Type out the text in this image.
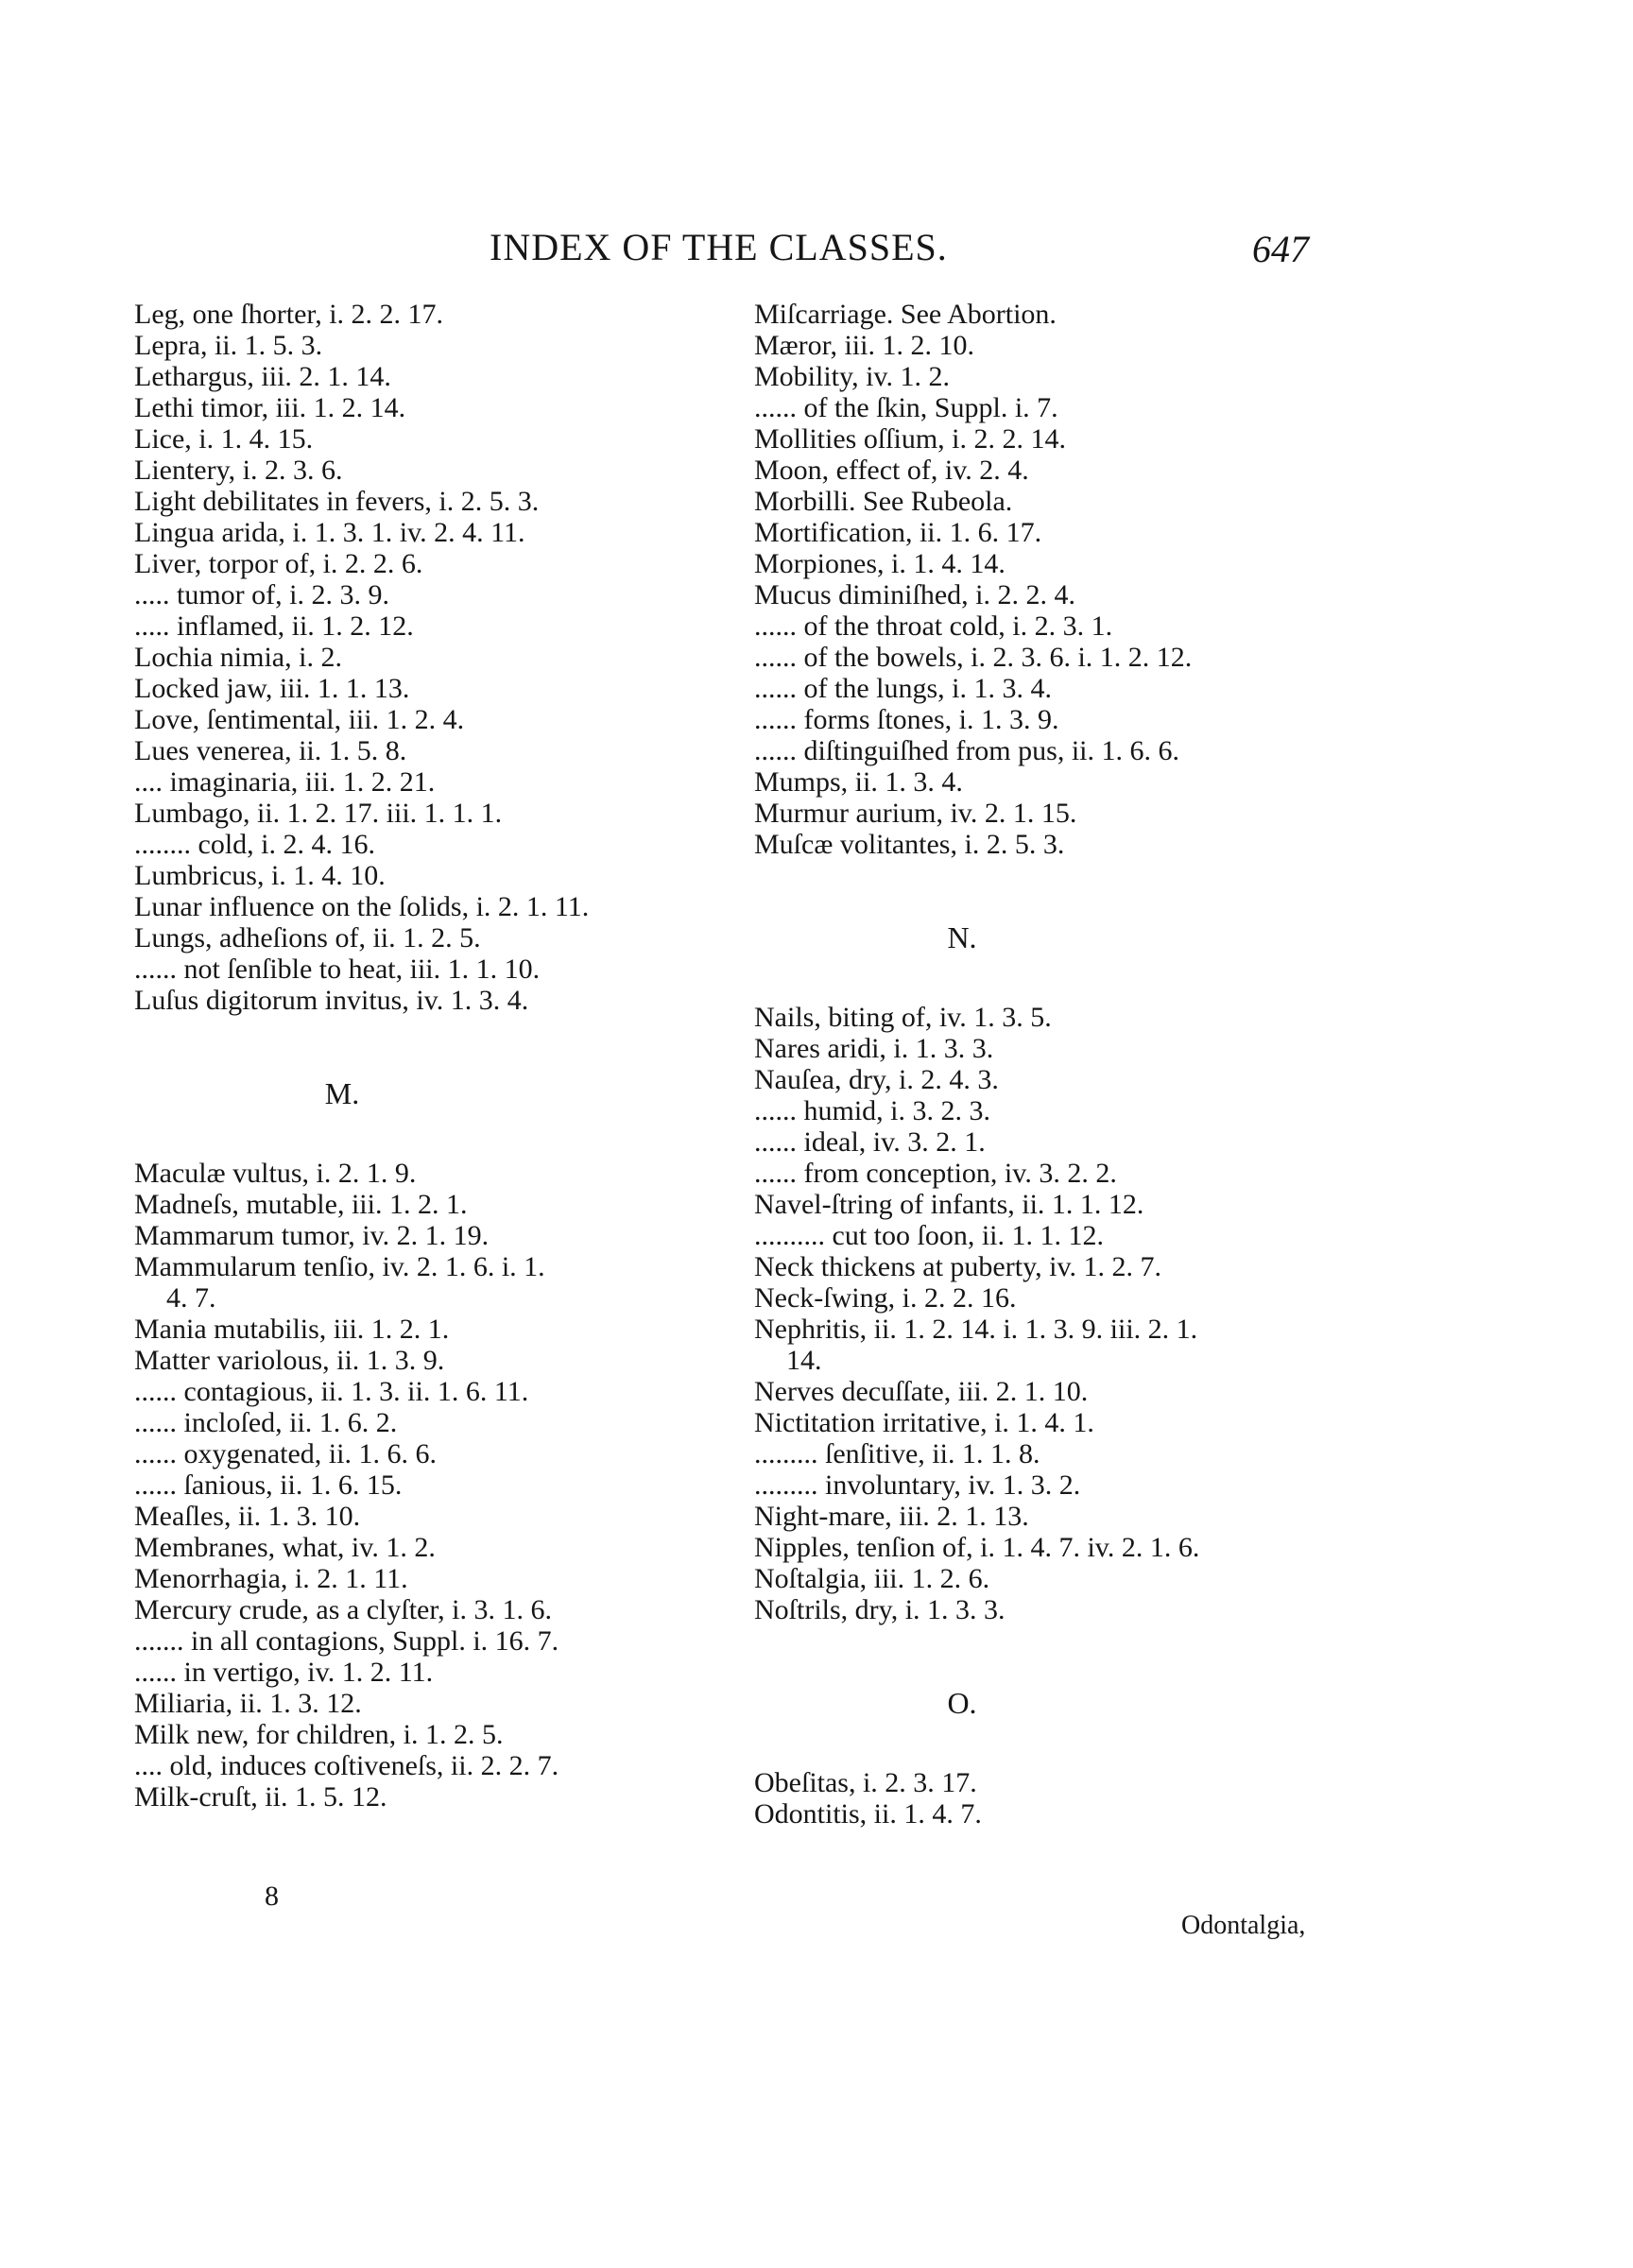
INDEX OF THE CLASSES.	647
Leg, one ſhorter, i. 2. 2. 17.
Lepra, ii. 1. 5. 3.
Lethargus, iii. 2. 1. 14.
Lethi timor, iii. 1. 2. 14.
Lice, i. 1. 4. 15.
Lientery, i. 2. 3. 6.
Light debilitates in fevers, i. 2. 5. 3.
Lingua arida, i. 1. 3. 1. iv. 2. 4. 11.
Liver, torpor of, i. 2. 2. 6.
..... tumor of, i. 2. 3. 9.
..... inflamed, ii. 1. 2. 12.
Lochia nimia, i. 2.
Locked jaw, iii. 1. 1. 13.
Love, ſentimental, iii. 1. 2. 4.
Lues venerea, ii. 1. 5. 8.
.... imaginaria, iii. 1. 2. 21.
Lumbago, ii. 1. 2. 17. iii. 1. 1. 1.
........ cold, i. 2. 4. 16.
Lumbricus, i. 1. 4. 10.
Lunar influence on the ſolids, i. 2. 1. 11.
Lungs, adheſions of, ii. 1. 2. 5.
...... not ſenſible to heat, iii. 1. 1. 10.
Luſus digitorum invitus, iv. 1. 3. 4.
M.
Maculæ vultus, i. 2. 1. 9.
Madneſs, mutable, iii. 1. 2. 1.
Mammarum tumor, iv. 2. 1. 19.
Mammularum tenſio, iv. 2. 1. 6. i. 1.
4. 7.
Mania mutabilis, iii. 1. 2. 1.
Matter variolous, ii. 1. 3. 9.
...... contagious, ii. 1. 3. ii. 1. 6. 11.
...... incloſed, ii. 1. 6. 2.
...... oxygenated, ii. 1. 6. 6.
...... ſanious, ii. 1. 6. 15.
Meaſles, ii. 1. 3. 10.
Membranes, what, iv. 1. 2.
Menorrhagia, i. 2. 1. 11.
Mercury crude, as a clyſter, i. 3. 1. 6.
....... in all contagions, Suppl. i. 16. 7.
...... in vertigo, iv. 1. 2. 11.
Miliaria, ii. 1. 3. 12.
Milk new, for children, i. 1. 2. 5.
.... old, induces coſtiveneſs, ii. 2. 2. 7.
Milk-cruſt, ii. 1. 5. 12.
8
Miſcarriage. See Abortion.
Mæror, iii. 1. 2. 10.
Mobility, iv. 1. 2.
...... of the ſkin, Suppl. i. 7.
Mollities oſſium, i. 2. 2. 14.
Moon, effect of, iv. 2. 4.
Morbilli. See Rubeola.
Mortification, ii. 1. 6. 17.
Morpiones, i. 1. 4. 14.
Mucus diminiſhed, i. 2. 2. 4.
...... of the throat cold, i. 2. 3. 1.
...... of the bowels, i. 2. 3. 6. i. 1. 2. 12.
...... of the lungs, i. 1. 3. 4.
...... forms ſtones, i. 1. 3. 9.
...... diſtinguiſhed from pus, ii. 1. 6. 6.
Mumps, ii. 1. 3. 4.
Murmur aurium, iv. 2. 1. 15.
Muſcæ volitantes, i. 2. 5. 3.
N.
Nails, biting of, iv. 1. 3. 5.
Nares aridi, i. 1. 3. 3.
Nauſea, dry, i. 2. 4. 3.
...... humid, i. 3. 2. 3.
...... ideal, iv. 3. 2. 1.
...... from conception, iv. 3. 2. 2.
Navel-ſtring of infants, ii. 1. 1. 12.
.......... cut too ſoon, ii. 1. 1. 12.
Neck thickens at puberty, iv. 1. 2. 7.
Neck-ſwing, i. 2. 2. 16.
Nephritis, ii. 1. 2. 14. i. 1. 3. 9. iii. 2. 1.
14.
Nerves decuſſate, iii. 2. 1. 10.
Nictitation irritative, i. 1. 4. 1.
......... ſenſitive, ii. 1. 1. 8.
......... involuntary, iv. 1. 3. 2.
Night-mare, iii. 2. 1. 13.
Nipples, tenſion of, i. 1. 4. 7. iv. 2. 1. 6.
Noſtalgia, iii. 1. 2. 6.
Noſtrils, dry, i. 1. 3. 3.
O.
Obeſitas, i. 2. 3. 17.
Odontitis, ii. 1. 4. 7.
Odontalgia,
